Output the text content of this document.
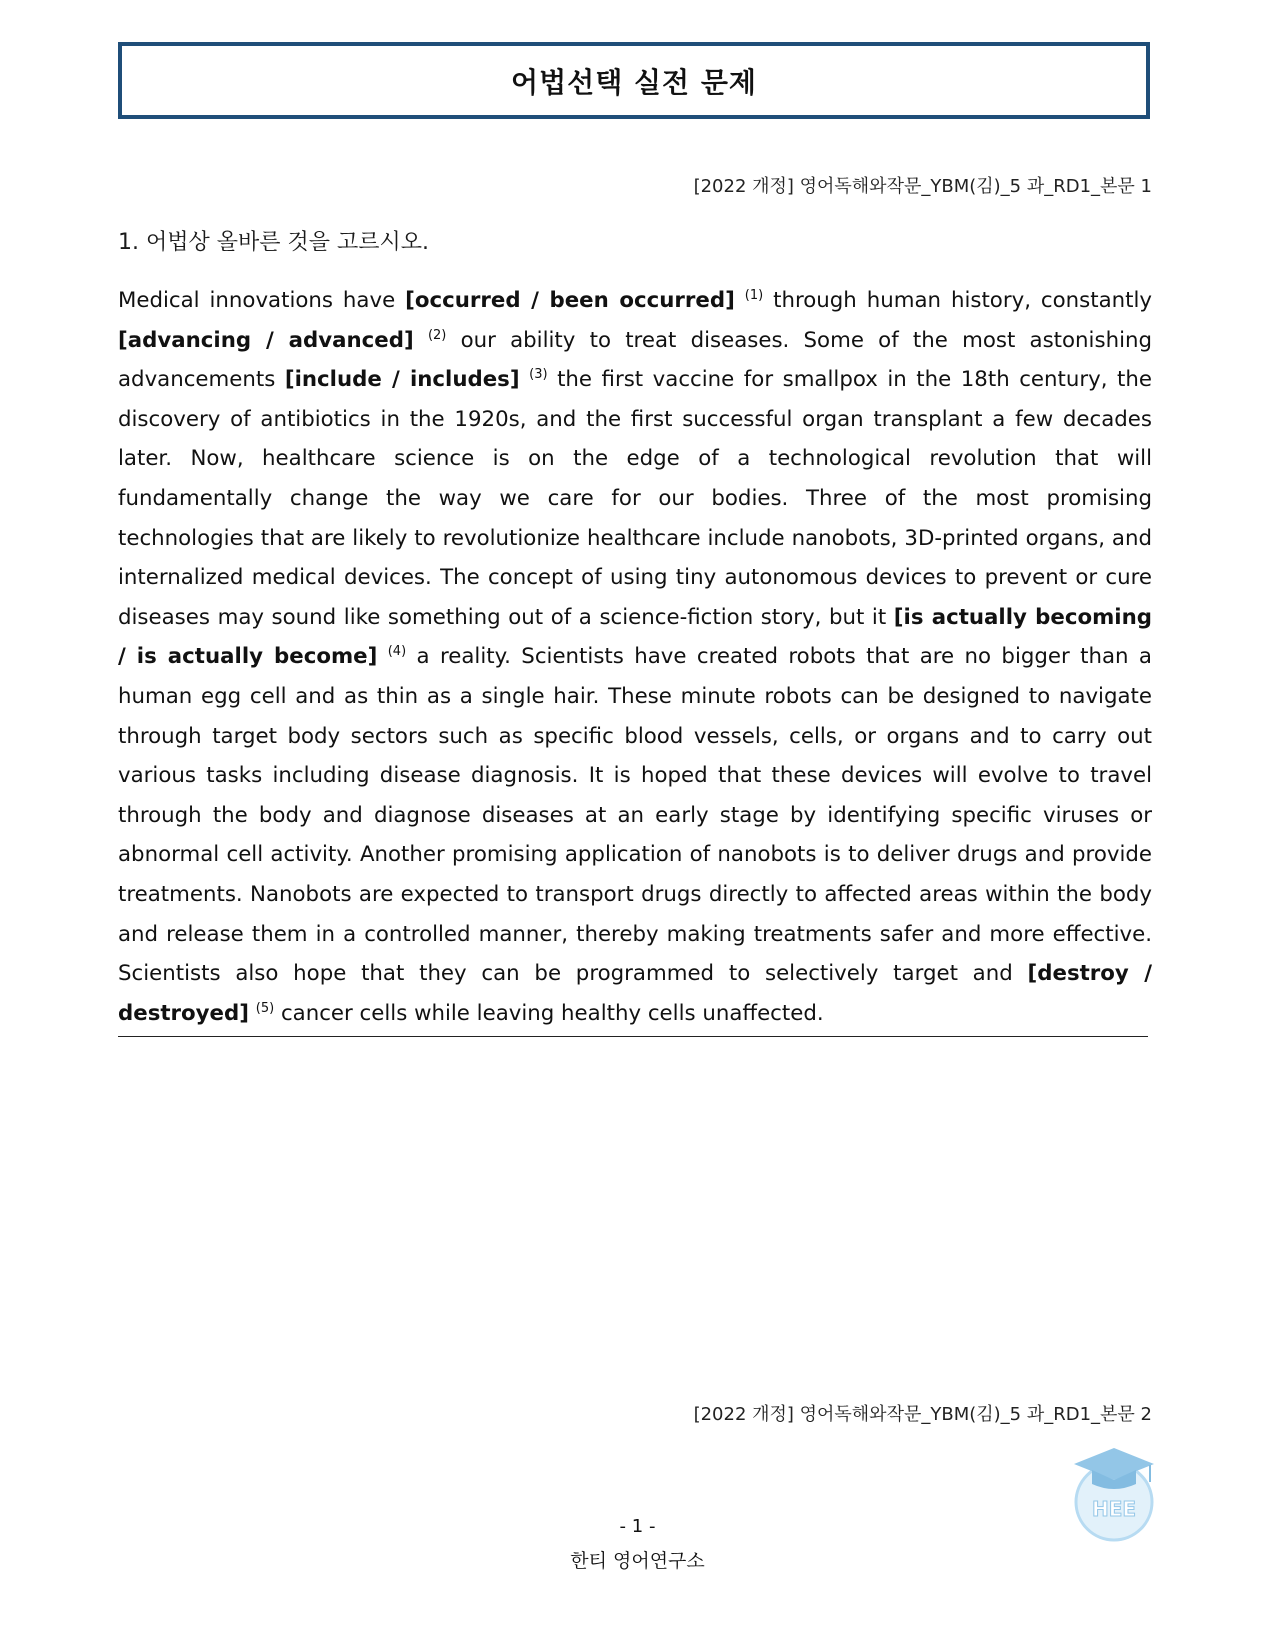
어법선택 실전 문제
[2022 개정] 영어독해와작문_YBM(김)_5 과_RD1_본문 1
1. 어법상 올바른 것을 고르시오.
Medical innovations have [occurred / been occurred] $^{(1)}$ through human history, constantly [advancing / advanced] $^{(2)}$ our ability to treat diseases. Some of the most astonishing advancements [include / includes] $^{(3)}$ the first vaccine for smallpox in the 18th century, the discovery of antibiotics in the 1920s, and the first successful organ transplant a few decades later. Now, healthcare science is on the edge of a technological revolution that will fundamentally change the way we care for our bodies. Three of the most promising technologies that are likely to revolutionize healthcare include nanobots, 3D-printed organs, and internalized medical devices. The concept of using tiny autonomous devices to prevent or cure diseases may sound like something out of a science-fiction story, but it [is actually becoming / is actually become] $^{(4)}$ a reality. Scientists have created robots that are no bigger than a human egg cell and as thin as a single hair. These minute robots can be designed to navigate through target body sectors such as specific blood vessels, cells, or organs and to carry out various tasks including disease diagnosis. It is hoped that these devices will evolve to travel through the body and diagnose diseases at an early stage by identifying specific viruses or abnormal cell activity. Another promising application of nanobots is to deliver drugs and provide treatments. Nanobots are expected to transport drugs directly to affected areas within the body and release them in a controlled manner, thereby making treatments safer and more effective. Scientists also hope that they can be programmed to selectively target and [destroy / destroyed] $^{(5)}$ cancer cells while leaving healthy cells unaffected.
[2022 개정] 영어독해와작문_YBM(김)_5 과_RD1_본문 2
HEE
- 1 -
한티 영어연구소
